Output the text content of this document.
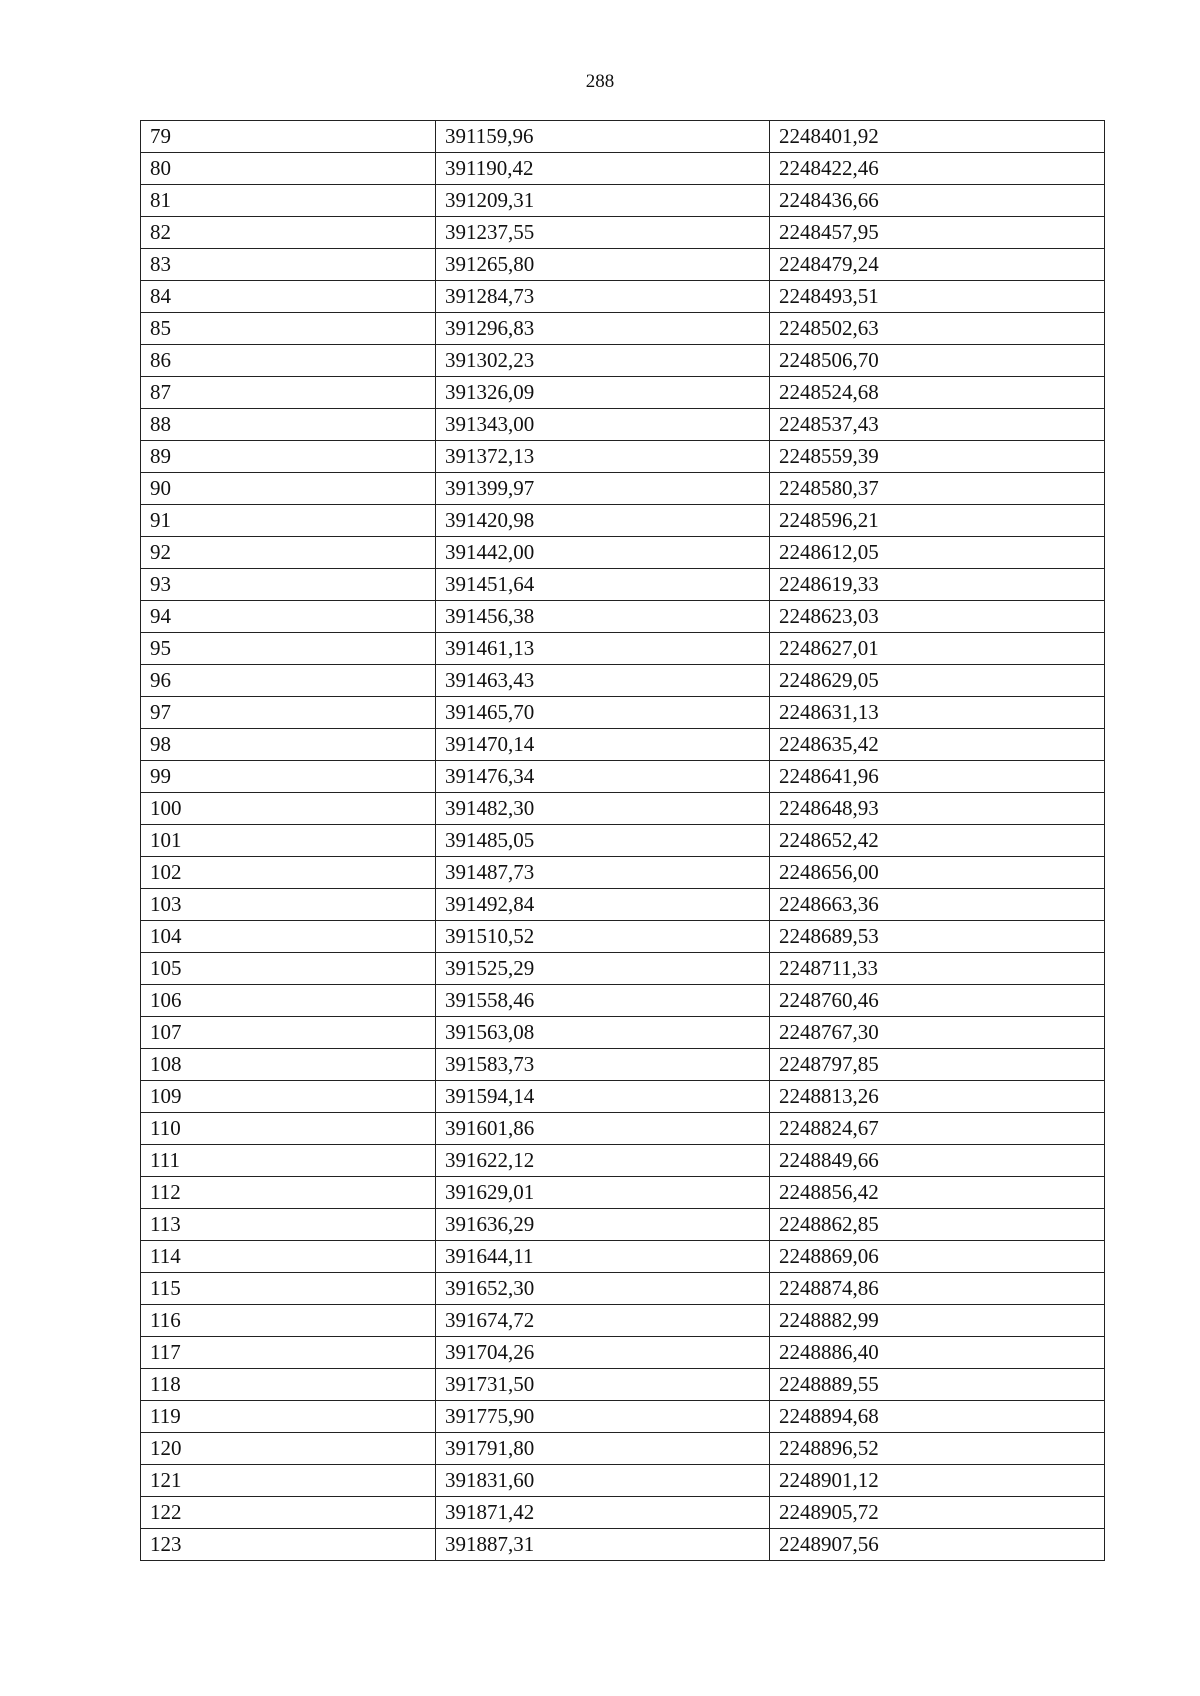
288
79	391159,96	2248401,92
80	391190,42	2248422,46
81	391209,31	2248436,66
82	391237,55	2248457,95
83	391265,80	2248479,24
84	391284,73	2248493,51
85	391296,83	2248502,63
86	391302,23	2248506,70
87	391326,09	2248524,68
88	391343,00	2248537,43
89	391372,13	2248559,39
90	391399,97	2248580,37
91	391420,98	2248596,21
92	391442,00	2248612,05
93	391451,64	2248619,33
94	391456,38	2248623,03
95	391461,13	2248627,01
96	391463,43	2248629,05
97	391465,70	2248631,13
98	391470,14	2248635,42
99	391476,34	2248641,96
100	391482,30	2248648,93
101	391485,05	2248652,42
102	391487,73	2248656,00
103	391492,84	2248663,36
104	391510,52	2248689,53
105	391525,29	2248711,33
106	391558,46	2248760,46
107	391563,08	2248767,30
108	391583,73	2248797,85
109	391594,14	2248813,26
110	391601,86	2248824,67
111	391622,12	2248849,66
112	391629,01	2248856,42
113	391636,29	2248862,85
114	391644,11	2248869,06
115	391652,30	2248874,86
116	391674,72	2248882,99
117	391704,26	2248886,40
118	391731,50	2248889,55
119	391775,90	2248894,68
120	391791,80	2248896,52
121	391831,60	2248901,12
122	391871,42	2248905,72
123	391887,31	2248907,56
